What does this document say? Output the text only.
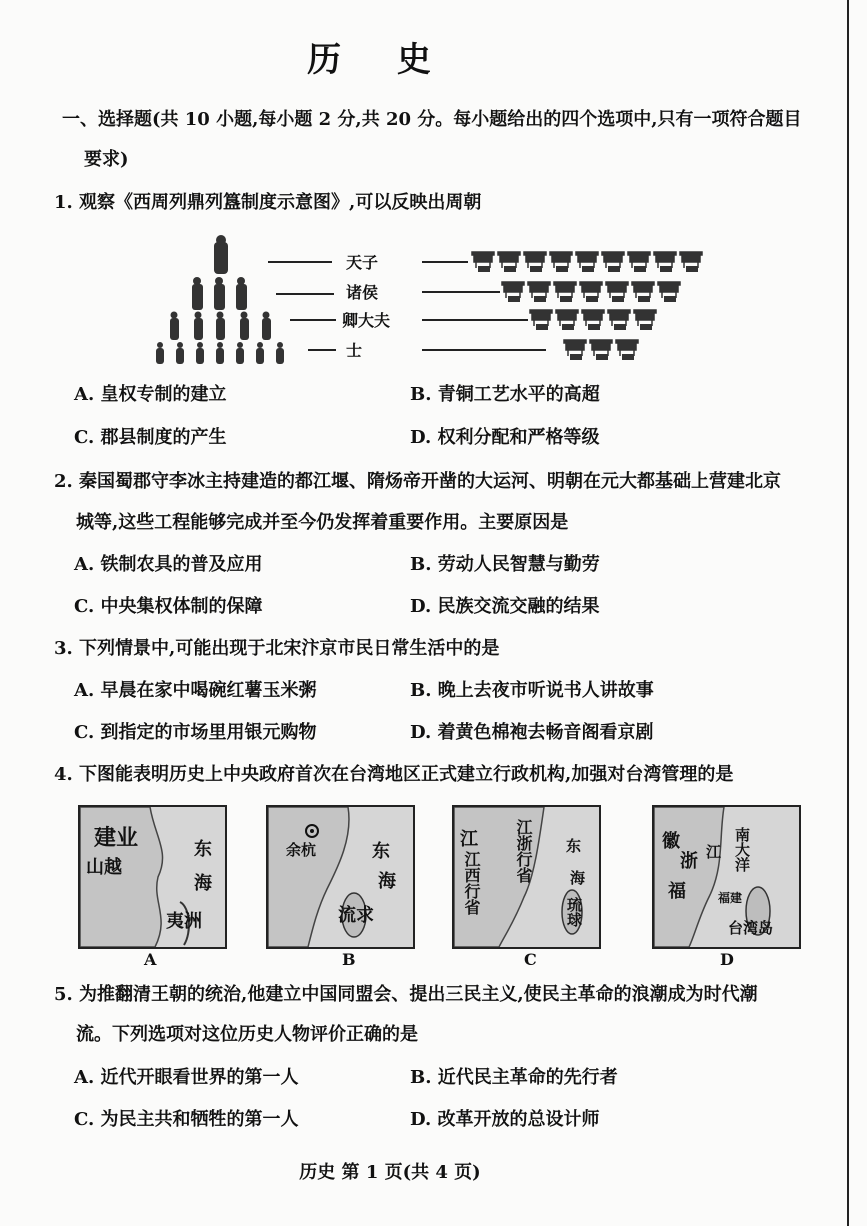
历 史
一、选择题(共 10 小题,每小题 2 分,共 20 分。每小题给出的四个选项中,只有一项符合题目
要求)
1. 观察《西周列鼎列簋制度示意图》,可以反映出周朝
天子
诸侯
卿大夫
士
A. 皇权专制的建立	B. 青铜工艺水平的高超
C. 郡县制度的产生	D. 权利分配和严格等级
2. 秦国蜀郡守李冰主持建造的都江堰、隋炀帝开凿的大运河、明朝在元大都基础上营建北京
城等,这些工程能够完成并至今仍发挥着重要作用。主要原因是
A. 铁制农具的普及应用	B. 劳动人民智慧与勤劳
C. 中央集权体制的保障	D. 民族交流交融的结果
3. 下列情景中,可能出现于北宋汴京市民日常生活中的是
A. 早晨在家中喝碗红薯玉米粥	B. 晚上去夜市听说书人讲故事
C. 到指定的市场里用银元购物	D. 着黄色棉袍去畅音阁看京剧
4. 下图能表明历史上中央政府首次在台湾地区正式建立行政机构,加强对台湾管理的是
建业
山越
东
海
夷洲
A
余杭	东
海
流求
B
江
江西行省 江浙行省 东
海
琉球
C
徽
浙 江
福
南大洋
台湾岛
福建
D
5. 为推翻清王朝的统治,他建立中国同盟会、提出三民主义,使民主革命的浪潮成为时代潮
流。下列选项对这位历史人物评价正确的是
A. 近代开眼看世界的第一人	B. 近代民主革命的先行者
C. 为民主共和牺牲的第一人	D. 改革开放的总设计师
历史 第 1 页(共 4 页)
